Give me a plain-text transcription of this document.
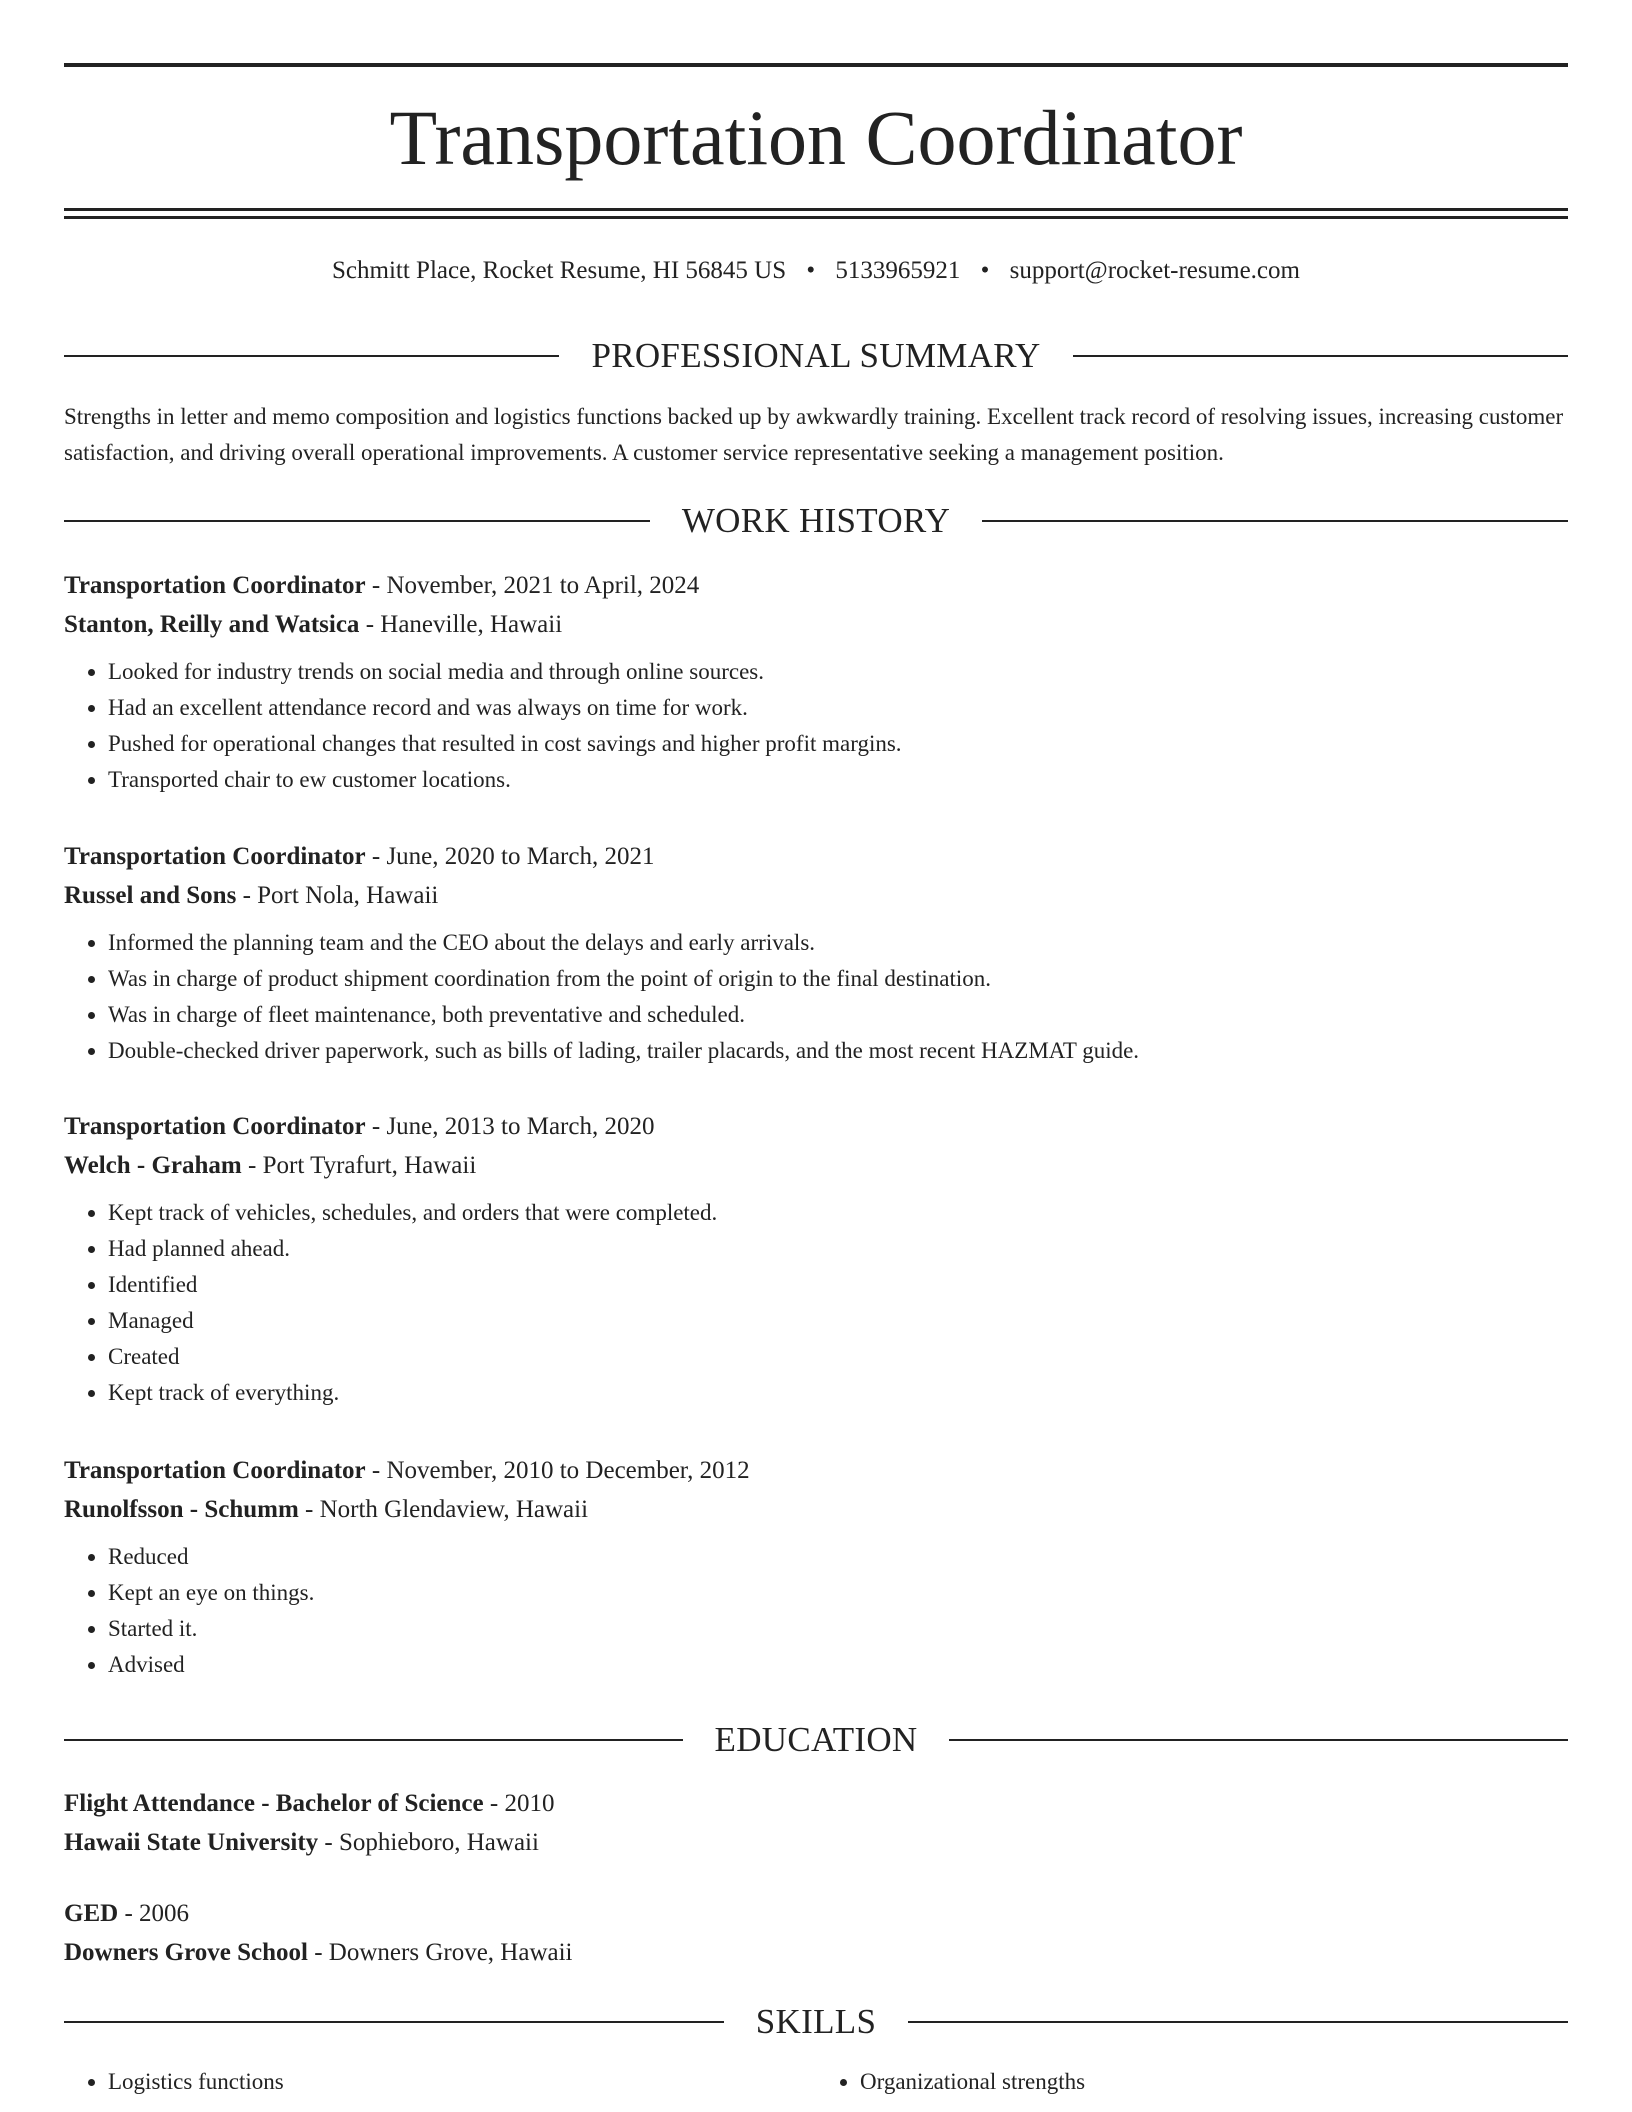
Transportation Coordinator
Schmitt Place, Rocket Resume, HI 56845 US • 5133965921 • support@rocket-resume.com
PROFESSIONAL SUMMARY

Strengths in letter and memo composition and logistics functions backed up by awkwardly training. Excellent track record of resolving issues, increasing customer satisfaction, and driving overall operational improvements. A customer service representative seeking a management position.

WORK HISTORY
Transportation Coordinator - November, 2021 to April, 2024
Stanton, Reilly and Watsica - Haneville, Hawaii
• Looked for industry trends on social media and through online sources.
• Had an excellent attendance record and was always on time for work.
• Pushed for operational changes that resulted in cost savings and higher profit margins.
• Transported chair to ew customer locations.
Transportation Coordinator - June, 2020 to March, 2021
Russel and Sons - Port Nola, Hawaii
• Informed the planning team and the CEO about the delays and early arrivals.
• Was in charge of product shipment coordination from the point of origin to the final destination.
• Was in charge of fleet maintenance, both preventative and scheduled.
• Double-checked driver paperwork, such as bills of lading, trailer placards, and the most recent HAZMAT guide.
Transportation Coordinator - June, 2013 to March, 2020
Welch - Graham - Port Tyrafurt, Hawaii
• Kept track of vehicles, schedules, and orders that were completed.
• Had planned ahead.
• Identified
• Managed
• Created
• Kept track of everything.
Transportation Coordinator - November, 2010 to December, 2012
Runolfsson - Schumm - North Glendaview, Hawaii
• Reduced
• Kept an eye on things.
• Started it.
• Advised
EDUCATION
Flight Attendance - Bachelor of Science - 2010
Hawaii State University - Sophieboro, Hawaii
GED - 2006
Downers Grove School - Downers Grove, Hawaii
SKILLS
• Logistics functions
•	Organizational strengths
